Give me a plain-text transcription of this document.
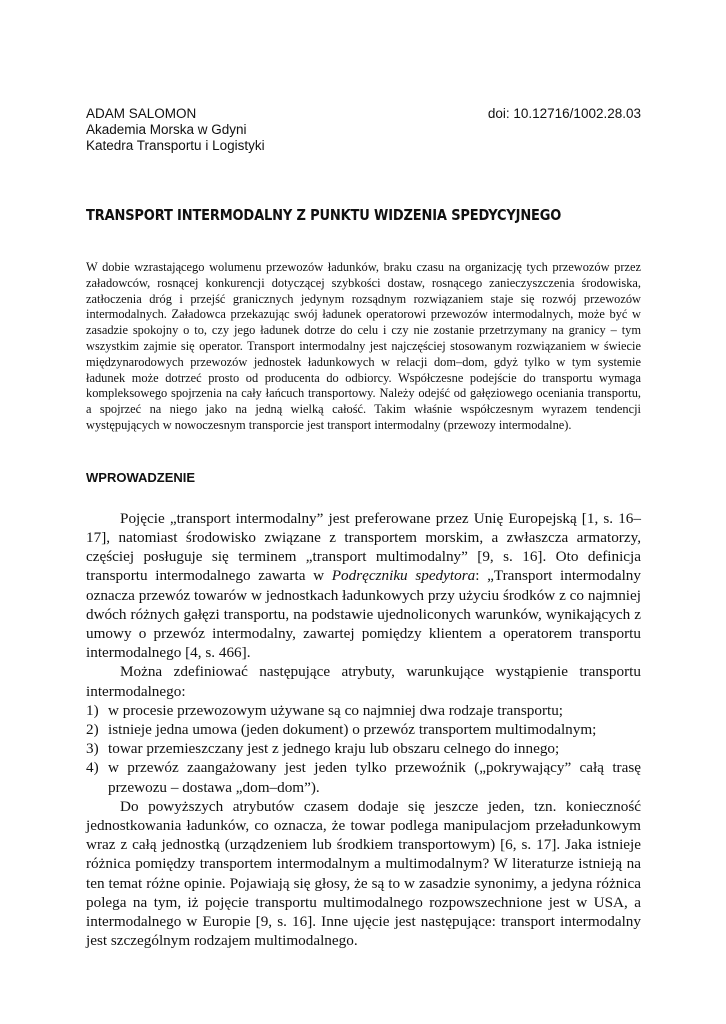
ADAM SALOMON	doi: 10.12716/1002.28.03
Akademia Morska w Gdyni
Katedra Transportu i Logistyki
TRANSPORT INTERMODALNY Z PUNKTU WIDZENIA SPEDYCYJNEGO
W dobie wzrastającego wolumenu przewozów ładunków, braku czasu na organizację tych przewozów przez załadowców, rosnącej konkurencji dotyczącej szybkości dostaw, rosnącego zanieczyszczenia środowiska, zatłoczenia dróg i przejść granicznych jedynym rozsądnym rozwiązaniem staje się rozwój przewozów intermodalnych. Załadowca przekazując swój ładunek operatorowi przewozów intermodalnych, może być w zasadzie spokojny o to, czy jego ładunek dotrze do celu i czy nie zostanie przetrzymany na granicy – tym wszystkim zajmie się operator. Transport intermodalny jest najczęściej stosowanym rozwiązaniem w świecie międzynarodowych przewozów jednostek ładunkowych w relacji dom–dom, gdyż tylko w tym systemie ładunek może dotrzeć prosto od producenta do odbiorcy. Współczesne podejście do transportu wymaga kompleksowego spojrzenia na cały łańcuch transportowy. Należy odejść od gałęziowego oceniania transportu, a spojrzeć na niego jako na jedną wielką całość. Takim właśnie współczesnym wyrazem tendencji występujących w nowoczesnym transporcie jest transport intermodalny (przewozy intermodalne).
WPROWADZENIE

Pojęcie „transport intermodalny” jest preferowane przez Unię Europejską [1, s. 16–17], natomiast środowisko związane z transportem morskim, a zwłaszcza armatorzy, częściej posługuje się terminem „transport multimodalny” [9, s. 16]. Oto definicja transportu intermodalnego zawarta w Podręczniku spedytora: „Transport intermodalny oznacza przewóz towarów w jednostkach ładunkowych przy użyciu środków z co najmniej dwóch różnych gałęzi transportu, na podstawie ujednoliconych warunków, wynikających z umowy o przewóz intermodalny, zawartej pomiędzy klientem a operatorem transportu intermodalnego [4, s. 466].

Można zdefiniować następujące atrybuty, warunkujące wystąpienie transportu intermodalnego:

1) w procesie przewozowym używane są co najmniej dwa rodzaje transportu;
2) istnieje jedna umowa (jeden dokument) o przewóz transportem multimodalnym;
3) towar przemieszczany jest z jednego kraju lub obszaru celnego do innego;
4) w przewóz zaangażowany jest jeden tylko przewoźnik („pokrywający” całą trasę przewozu – dostawa „dom–dom”).

Do powyższych atrybutów czasem dodaje się jeszcze jeden, tzn. konieczność jednostkowania ładunków, co oznacza, że towar podlega manipulacjom przeładunkowym wraz z całą jednostką (urządzeniem lub środkiem transportowym) [6, s. 17]. Jaka istnieje różnica pomiędzy transportem intermodalnym a multimodalnym? W literaturze istnieją na ten temat różne opinie. Pojawiają się głosy, że są to w zasadzie synonimy, a jedyna różnica polega na tym, iż pojęcie transportu multimodalnego rozpowszechnione jest w USA, a intermodalnego w Europie [9, s. 16]. Inne ujęcie jest następujące: transport intermodalny jest szczególnym rodzajem multimodalnego.
